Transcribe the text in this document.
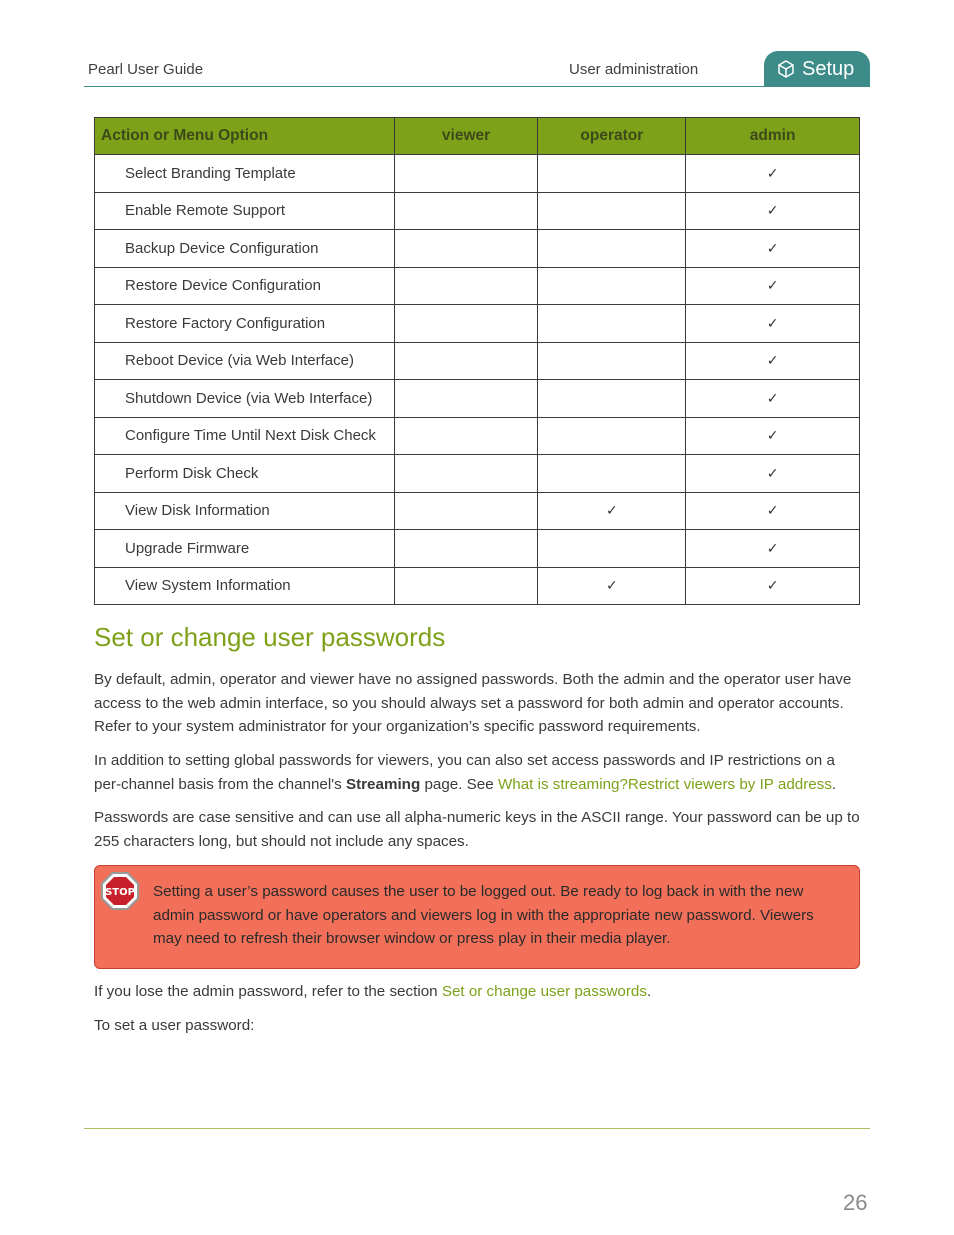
Pearl User Guide	User administration	Setup
Action or Menu Option	viewer	operator	admin
Select Branding Template			✓
Enable Remote Support			✓
Backup Device Configuration			✓
Restore Device Configuration			✓
Restore Factory Configuration			✓
Reboot Device (via Web Interface)			✓
Shutdown Device (via Web Interface)			✓
Configure Time Until Next Disk Check			✓
Perform Disk Check			✓
View Disk Information		✓	✓
Upgrade Firmware			✓
View System Information		✓	✓
Set or change user passwords

By default, admin, operator and viewer have no assigned passwords. Both the admin and the operator user have access to the web admin interface, so you should always set a password for both admin and operator accounts. Refer to your system administrator for your organization’s specific password requirements.

In addition to setting global passwords for viewers, you can also set access passwords and IP restrictions on a per-channel basis from the channel's Streaming page. See What is streaming?Restrict viewers by IP address.

Passwords are case sensitive and can use all alpha-numeric keys in the ASCII range. Your password can be up to 255 characters long, but should not include any spaces.

STOP Setting a user’s password causes the user to be logged out. Be ready to log back in with the new admin password or have operators and viewers log in with the appropriate new password. Viewers may need to refresh their browser window or press play in their media player.

If you lose the admin password, refer to the section Set or change user passwords.

To set a user password:

26
